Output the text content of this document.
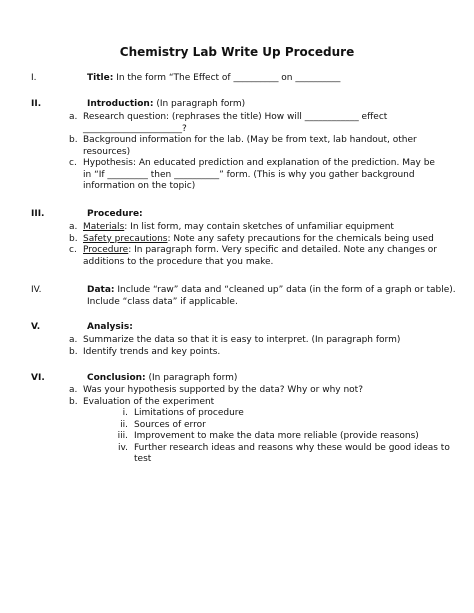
Chemistry Lab Write Up Procedure
I.	Title: In the form “The Effect of __________ on __________
II.	Introduction: (In paragraph form)
a. Research question: (rephrases the title) How will ____________ effect ______________________?
b. Background information for the lab. (May be from text, lab handout, other resources)
c. Hypothesis: An educated prediction and explanation of the prediction. May be in “If _________ then __________” form. (This is why you gather background information on the topic)
III.	Procedure:
a. Materials: In list form, may contain sketches of unfamiliar equipment
b. Safety precautions: Note any safety precautions for the chemicals being used
c. Procedure: In paragraph form. Very specific and detailed. Note any changes or additions to the procedure that you make.
IV.	Data: Include “raw” data and “cleaned up” data (in the form of a graph or table). Include “class data” if applicable.
V.	Analysis:
a. Summarize the data so that it is easy to interpret. (In paragraph form)
b. Identify trends and key points.
VI.	Conclusion: (In paragraph form)
a. Was your hypothesis supported by the data? Why or why not?
b. Evaluation of the experiment
i. Limitations of procedure
ii. Sources of error
iii. Improvement to make the data more reliable (provide reasons)
iv. Further research ideas and reasons why these would be good ideas to test
